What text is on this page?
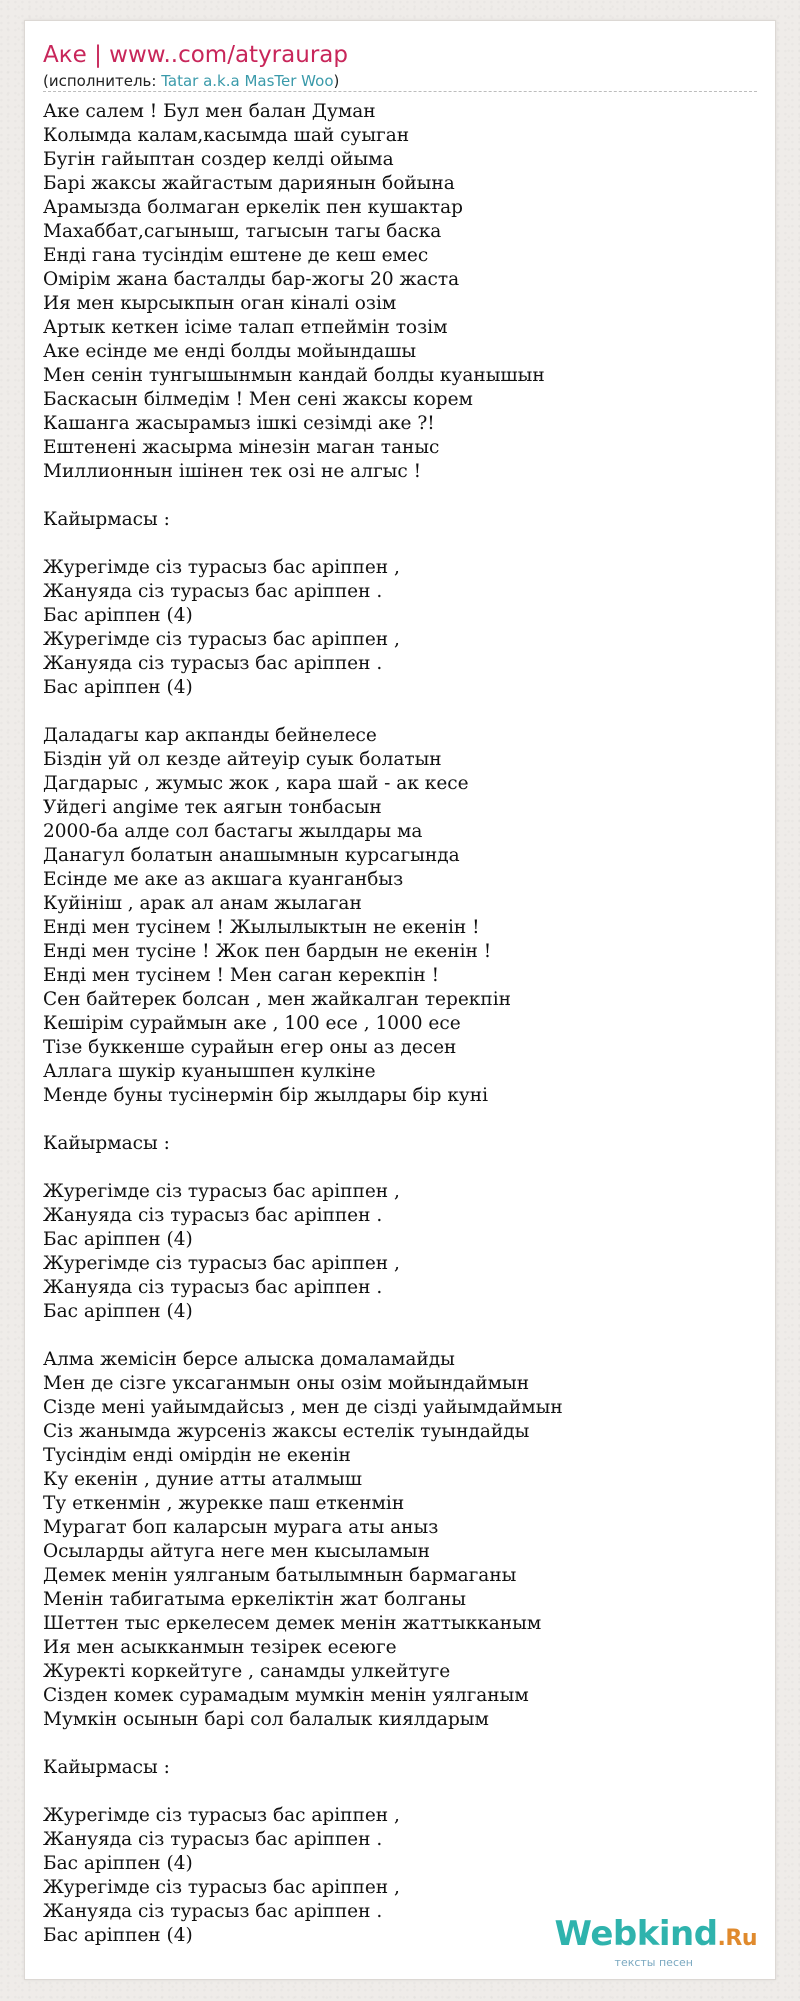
Аке | www..com/atyraurap
(исполнитель: Tatar a.k.a MasTer Woo)
Аке салем ! Бул мен балан Думан
Колымда калам,касымда шай суыган
Бугін гайыптан создер келді ойыма
Барі жаксы жайгастым дариянын бойына
Арамызда болмаган еркелік пен кушактар
Махаббат,сагыныш, тагысын тагы баска
Енді гана тусіндім ештене де кеш емес
Омірім жана басталды бар-жогы 20 жаста
Ия мен кырсыкпын оган кіналі озім
Артык кеткен ісіме талап етпеймін тозім
Аке есінде ме енді болды мойындашы
Мен сенін тунгышынмын кандай болды куанышын
Баскасын білмедім ! Мен сені жаксы корем
Кашанга жасырамыз ішкі сезімді аке ?!
Ештенені жасырма мінезін маган таныс
Миллионнын ішінен тек озі не алгыс !
Кайырмасы :
Журегімде сіз турасыз бас аріппен ,
Жануяда сіз турасыз бас аріппен .
Бас аріппен (4)
Журегімде сіз турасыз бас аріппен ,
Жануяда сіз турасыз бас аріппен .
Бас аріппен (4)
Даладагы кар акпанды бейнелесе
Біздін уй ол кезде айтеуір суык болатын
Дагдарыс , жумыс жок , кара шай - ак кесе
Уйдегі angіме тек аягын тонбасын
2000-ба алде сол бастагы жылдары ма
Данагул болатын анашымнын курсагында
Есінде ме аке аз акшага куанганбыз
Куйініш , арак ал анам жылаган
Енді мен тусінем ! Жылылыктын не екенін !
Енді мен тусіне ! Жок пен бардын не екенін !
Енді мен тусінем ! Мен саган керекпін !
Сен байтерек болсан , мен жайкалган терекпін
Кешірім сураймын аке , 100 есе , 1000 есе
Тізе буккенше сурайын егер оны аз десен
Аллага шукір куанышпен кулкіне
Менде буны тусінермін бір жылдары бір куні
Кайырмасы :
Журегімде сіз турасыз бас аріппен ,
Жануяда сіз турасыз бас аріппен .
Бас аріппен (4)
Журегімде сіз турасыз бас аріппен ,
Жануяда сіз турасыз бас аріппен .
Бас аріппен (4)
Алма жемісін берсе алыска домаламайды
Мен де сізге уксаганмын оны озім мойындаймын
Сізде мені уайымдайсыз , мен де сізді уайымдаймын
Сіз жанымда журсеніз жаксы естелік туындайды
Тусіндім енді омірдін не екенін
Ку екенін , дуние атты аталмыш
Ту еткенмін , журекке паш еткенмін
Мурагат боп каларсын мурага аты аныз
Осыларды айтуга неге мен кысыламын
Демек менін уялганым батылымнын бармаганы
Менін табигатыма еркеліктін жат болганы
Шеттен тыс еркелесем демек менін жаттыкканым
Ия мен асыкканмын тезірек есеюге
Журекті коркейтуге , санамды улкейтуге
Сізден комек сурамадым мумкін менін уялганым
Мумкін осынын барі сол балалык киялдарым
Кайырмасы :
Журегімде сіз турасыз бас аріппен ,
Жануяда сіз турасыз бас аріппен .
Бас аріппен (4)
Журегімде сіз турасыз бас аріппен ,
Жануяда сіз турасыз бас аріппен .
Бас аріппен (4)	Webkind.Ru
тексты песен
